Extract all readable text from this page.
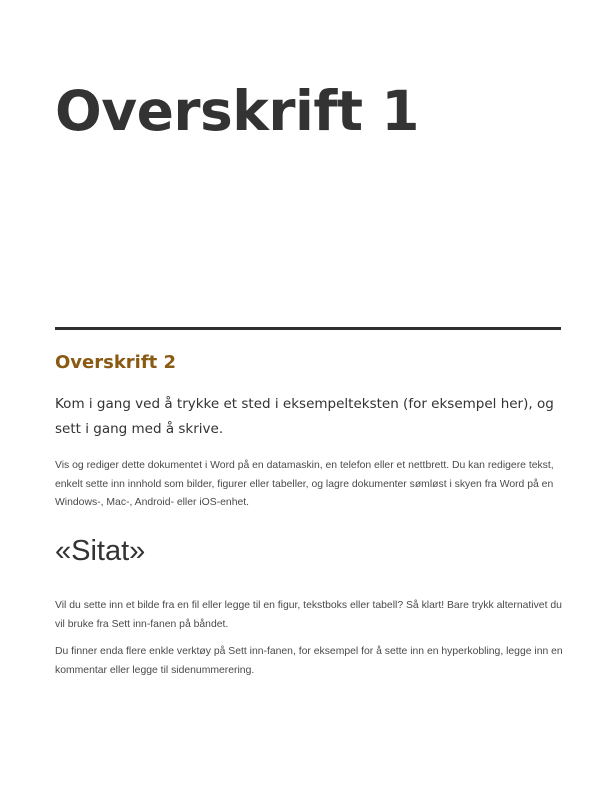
Overskrift 1
Overskrift 2

Kom i gang ved å trykke et sted i eksempelteksten (for eksempel her), og sett i gang med å skrive.

Vis og rediger dette dokumentet i Word på en datamaskin, en telefon eller et nettbrett. Du kan redigere tekst, enkelt sette inn innhold som bilder, figurer eller tabeller, og lagre dokumenter sømløst i skyen fra Word på en Windows-, Mac-, Android- eller iOS-enhet.

«Sitat»

Vil du sette inn et bilde fra en fil eller legge til en figur, tekstboks eller tabell? Så klart! Bare trykk alternativet du vil bruke fra Sett inn-fanen på båndet.

Du finner enda flere enkle verktøy på Sett inn-fanen, for eksempel for å sette inn en hyperkobling, legge inn en kommentar eller legge til sidenummerering.
